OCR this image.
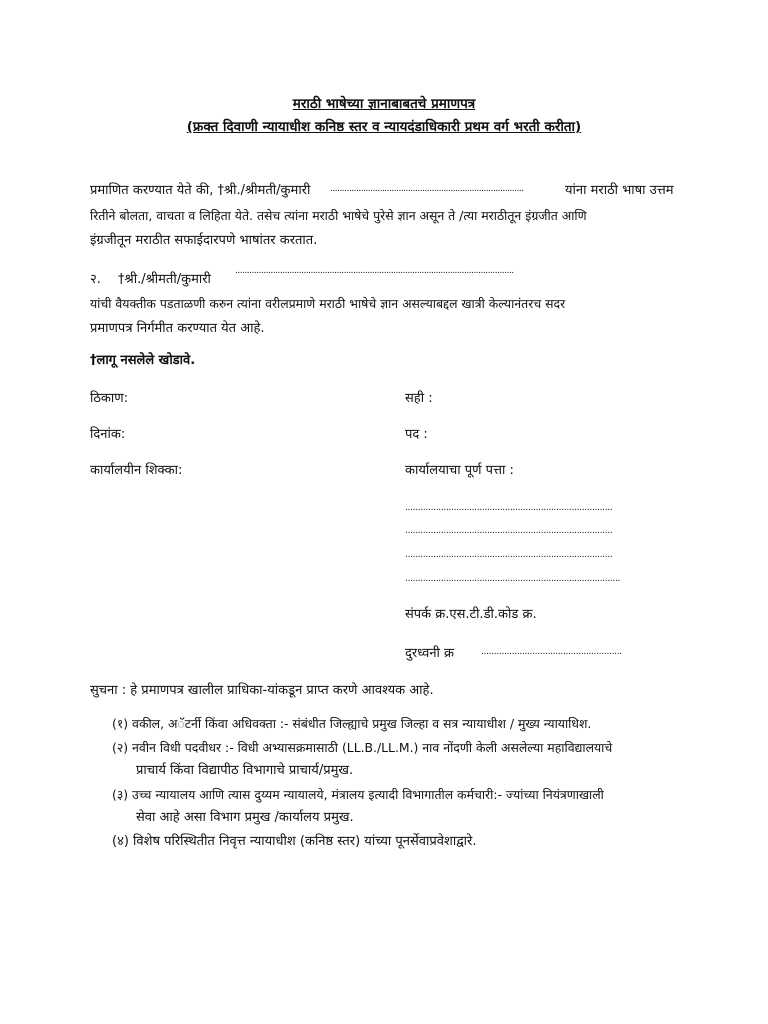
मराठी भाषेच्या ज्ञानाबाबतचे प्रमाणपत्र
(फ्रक्त दिवाणी न्यायाधीश कनिष्ठ स्तर व न्यायदंडाधिकारी प्रथम वर्ग भरती करीता)
प्रमाणित करण्यात येते की, †श्री./श्रीमती/कुमारी ..................................................................................	यांना मराठी भाषा उत्तम
रितीने बोलता, वाचता व लिहिता येते. तसेच त्यांना मराठी भाषेचे पुरेसे ज्ञान असून ते /त्या मराठीतून इंग्रजीत आणि
इंग्रजीतून मराठीत सफाईदारपणे भाषांतर करतात.
२. †श्री./श्रीमती/कुमारी
......................................................................................................................
यांची वैयक्तीक पडताळणी करुन त्यांना वरीलप्रमाणे मराठी भाषेचे ज्ञान असल्याबद्दल खात्री केल्यानंतरच सदर
प्रमाणपत्र निर्गमीत करण्यात येत आहे.
†लागू नसलेले खोडावे.
ठिकाण:
दिनांक:
कार्यालयीन शिक्का:
सही :
पद :
कार्यालयाचा पूर्ण पत्ता :
.................................................................................
.................................................................................
.................................................................................
....................................................................................
संपर्क क्र.एस.टी.डी.कोड क्र.
दुरध्वनी क्र	.......................................................
सुचना : हे प्रमाणपत्र खालील प्राधिका-यांकडून प्राप्त करणे आवश्यक आहे.
(१) वकील, अॅटर्नी किंवा अधिवक्ता :- संबंधीत जिल्ह्याचे प्रमुख जिल्हा व सत्र न्यायाधीश / मुख्य न्यायाधिश.
(२) नवीन विधी पदवीधर :- विधी अभ्यासक्रमासाठी (LL.B./LL.M.) नाव नोंदणी केली असलेल्या महाविद्यालयाचे
प्राचार्य किंवा विद्यापीठ विभागाचे प्राचार्य/प्रमुख.
(३) उच्च न्यायालय आणि त्यास दुय्यम न्यायालये, मंत्रालय इत्यादी विभागातील कर्मचारी:- ज्यांच्या नियंत्रणाखाली
सेवा आहे असा विभाग प्रमुख /कार्यालय प्रमुख.
(४) विशेष परिस्थितीत निवृत्त न्यायाधीश (कनिष्ठ स्तर) यांच्या पूनर्सेवाप्रवेशाद्वारे.
